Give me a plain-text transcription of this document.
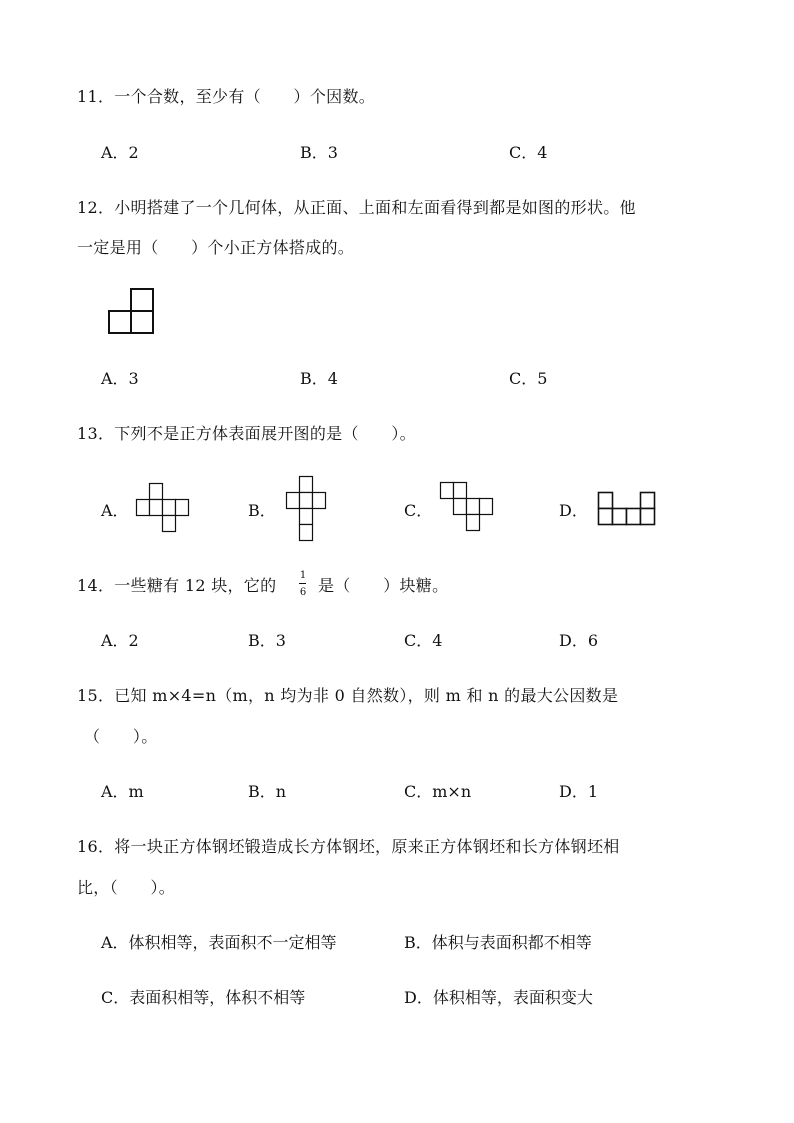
11．一个合数，至少有（　　）个因数。
A．2	B．3	C．4
12．小明搭建了一个几何体，从正面、上面和左面看得到都是如图的形状。他
一定是用（　　）个小正方体搭成的。
A．3	B．4	C．5
13．下列不是正方体表面展开图的是（　　）。
A．	B．	C．	D．
14．一些糖有 12 块，它的
1
6 是（　　）块糖。
A．2	B．3	C．4	D．6
15．已知 m×4=n（m，n 均为非 0 自然数），则 m 和 n 的最大公因数是
（　　）。
A．m	B．n	C．m×n	D．1
16．将一块正方体钢坯锻造成长方体钢坯，原来正方体钢坯和长方体钢坯相
比，（　　）。
A．体积相等，表面积不一定相等	B．体积与表面积都不相等
C．表面积相等，体积不相等	D．体积相等，表面积变大
